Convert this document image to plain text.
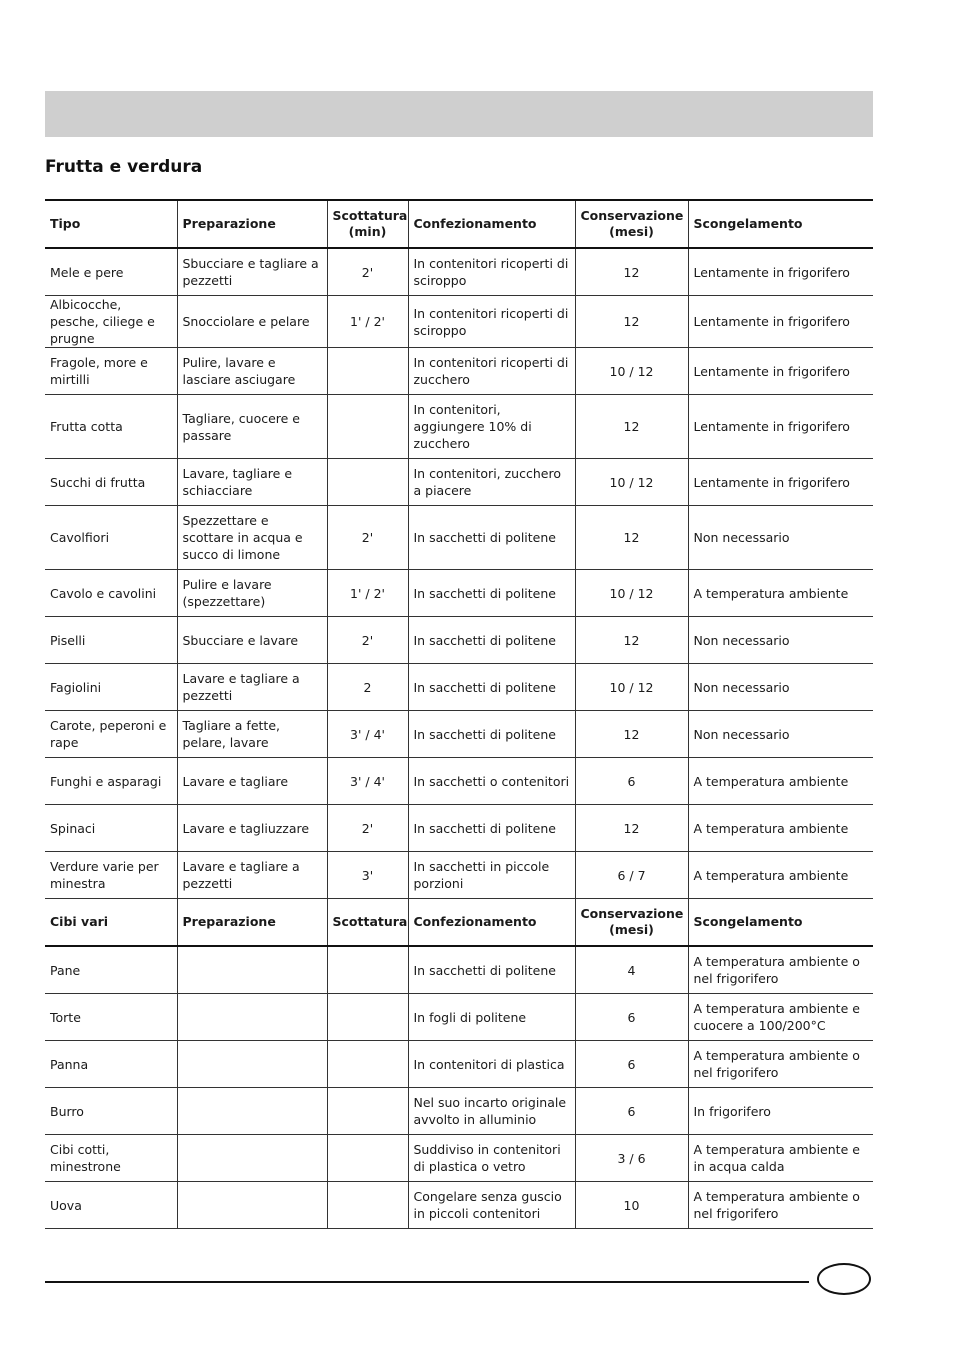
Frutta e verdura
Tipo	Preparazione	Scottatura (min)	Confezionamento	Conservazione (mesi)	Scongelamento
Mele e pere	Sbucciare e tagliare a pezzetti	2'	In contenitori ricoperti di sciroppo	12	Lentamente in frigorifero
Albicocche, pesche, ciliege e prugne	Snocciolare e pelare	1' / 2'	In contenitori ricoperti di sciroppo	12	Lentamente in frigorifero
Fragole, more e mirtilli	Pulire, lavare e lasciare asciugare		In contenitori ricoperti di zucchero	10 / 12	Lentamente in frigorifero
Frutta cotta	Tagliare, cuocere e passare		In contenitori, aggiungere 10% di zucchero	12	Lentamente in frigorifero
Succhi di frutta	Lavare, tagliare e schiacciare		In contenitori, zucchero a piacere	10 / 12	Lentamente in frigorifero
Cavolfiori	Spezzettare e scottare in acqua e succo di limone	2'	In sacchetti di politene	12	Non necessario
Cavolo e cavolini	Pulire e lavare (spezzettare)	1' / 2'	In sacchetti di politene	10 / 12	A temperatura ambiente
Piselli	Sbucciare e lavare	2'	In sacchetti di politene	12	Non necessario
Fagiolini	Lavare e tagliare a pezzetti	2	In sacchetti di politene	10 / 12	Non necessario
Carote, peperoni e rape	Tagliare a fette, pelare, lavare	3' / 4'	In sacchetti di politene	12	Non necessario
Funghi e asparagi	Lavare e tagliare	3' / 4'	In sacchetti o contenitori	6	A temperatura ambiente
Spinaci	Lavare e tagliuzzare	2'	In sacchetti di politene	12	A temperatura ambiente
Verdure varie per minestra	Lavare e tagliare a pezzetti	3'	In sacchetti in piccole porzioni	6 / 7	A temperatura ambiente
Cibi vari	Preparazione	Scottatura	Confezionamento	Conservazione (mesi)	Scongelamento
Pane			In sacchetti di politene	4	A temperatura ambiente o nel frigorifero
Torte			In fogli di politene	6	A temperatura ambiente e cuocere a 100/200°C
Panna			In contenitori di plastica	6	A temperatura ambiente o nel frigorifero
Burro			Nel suo incarto originale avvolto in alluminio	6	In frigorifero
Cibi cotti, minestrone			Suddiviso in contenitori di plastica o vetro	3 / 6	A temperatura ambiente e in acqua calda
Uova			Congelare senza guscio in piccoli contenitori	10	A temperatura ambiente o nel frigorifero
